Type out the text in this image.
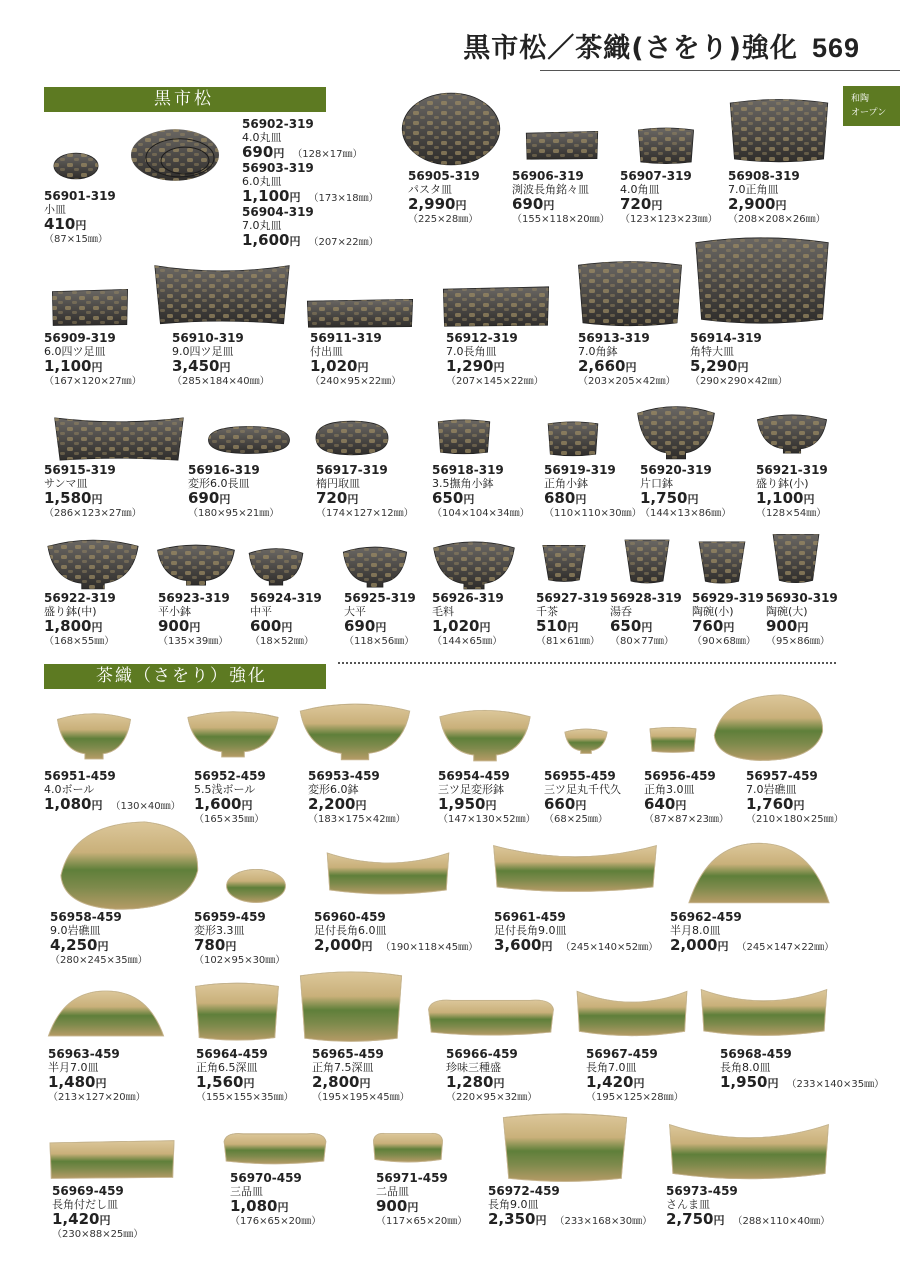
黒市松／茶織(さをり)強化 569
和陶
オープン
黒市松
茶織（さをり）強化
56901-319
小皿
410円
（87×15㎜）
56902-319
4.0丸皿
690円 （128×17㎜）
56903-319
6.0丸皿
1,100円 （173×18㎜）
56904-319
7.0丸皿
1,600円 （207×22㎜）
56905-319
パスタ皿
2,990円
（225×28㎜）
56906-319
渕波長角銘々皿
690円
（155×118×20㎜）
56907-319
4.0角皿
720円
（123×123×23㎜）
56908-319
7.0正角皿
2,900円
（208×208×26㎜）
56909-319
6.0四ツ足皿
1,100円
（167×120×27㎜）
56910-319
9.0四ツ足皿
3,450円
（285×184×40㎜）
56911-319
付出皿
1,020円
（240×95×22㎜）
56912-319
7.0長角皿
1,290円
（207×145×22㎜）
56913-319
7.0角鉢
2,660円
（203×205×42㎜）
56914-319
角特大皿
5,290円
（290×290×42㎜）
56915-319
サンマ皿
1,580円
（286×123×27㎜）
56916-319
変形6.0長皿
690円
（180×95×21㎜）
56917-319
楕円取皿
720円
（174×127×12㎜）
56918-319
3.5撫角小鉢
650円
（104×104×34㎜）
56919-319
正角小鉢
680円
（110×110×30㎜）
56920-319
片口鉢
1,750円
（144×13×86㎜）
56921-319
盛り鉢(小)
1,100円
（128×54㎜）
56922-319
盛り鉢(中)
1,800円
（168×55㎜）
56923-319
平小鉢
900円
（135×39㎜）
56924-319
中平
600円
（18×52㎜）
56925-319
大平
690円
（118×56㎜）
56926-319
毛料
1,020円
（144×65㎜）
56927-319
千茶
510円
（81×61㎜）
56928-319
湯呑
650円
（80×77㎜）
56929-319
陶碗(小)
760円
（90×68㎜）
56930-319
陶碗(大)
900円
（95×86㎜）
56951-459
4.0ボール
1,080円 （130×40㎜）
56952-459
5.5浅ボール
1,600円
（165×35㎜）
56953-459
変形6.0鉢
2,200円
（183×175×42㎜）
56954-459
三ツ足変形鉢
1,950円
（147×130×52㎜）
56955-459
三ツ足丸千代久
660円
（68×25㎜）
56956-459
正角3.0皿
640円
（87×87×23㎜）
56957-459
7.0岩礁皿
1,760円
（210×180×25㎜）
56958-459
9.0岩礁皿
4,250円
（280×245×35㎜）
56959-459
変形3.3皿
780円
（102×95×30㎜）
56960-459
足付長角6.0皿
2,000円 （190×118×45㎜）
56961-459
足付長角9.0皿
3,600円 （245×140×52㎜）
56962-459
半月8.0皿
2,000円 （245×147×22㎜）
56963-459
半月7.0皿
1,480円
（213×127×20㎜）
56964-459
正角6.5深皿
1,560円
（155×155×35㎜）
56965-459
正角7.5深皿
2,800円
（195×195×45㎜）
56966-459
珍味三種盛
1,280円
（220×95×32㎜）
56967-459
長角7.0皿
1,420円
（195×125×28㎜）
56968-459
長角8.0皿
1,950円 （233×140×35㎜）
56969-459
長角付だし皿
1,420円
（230×88×25㎜）
56970-459
三品皿
1,080円
（176×65×20㎜）
56971-459
二品皿
900円
（117×65×20㎜）
56972-459
長角9.0皿
2,350円 （233×168×30㎜）
56973-459
さんま皿
2,750円 （288×110×40㎜）
